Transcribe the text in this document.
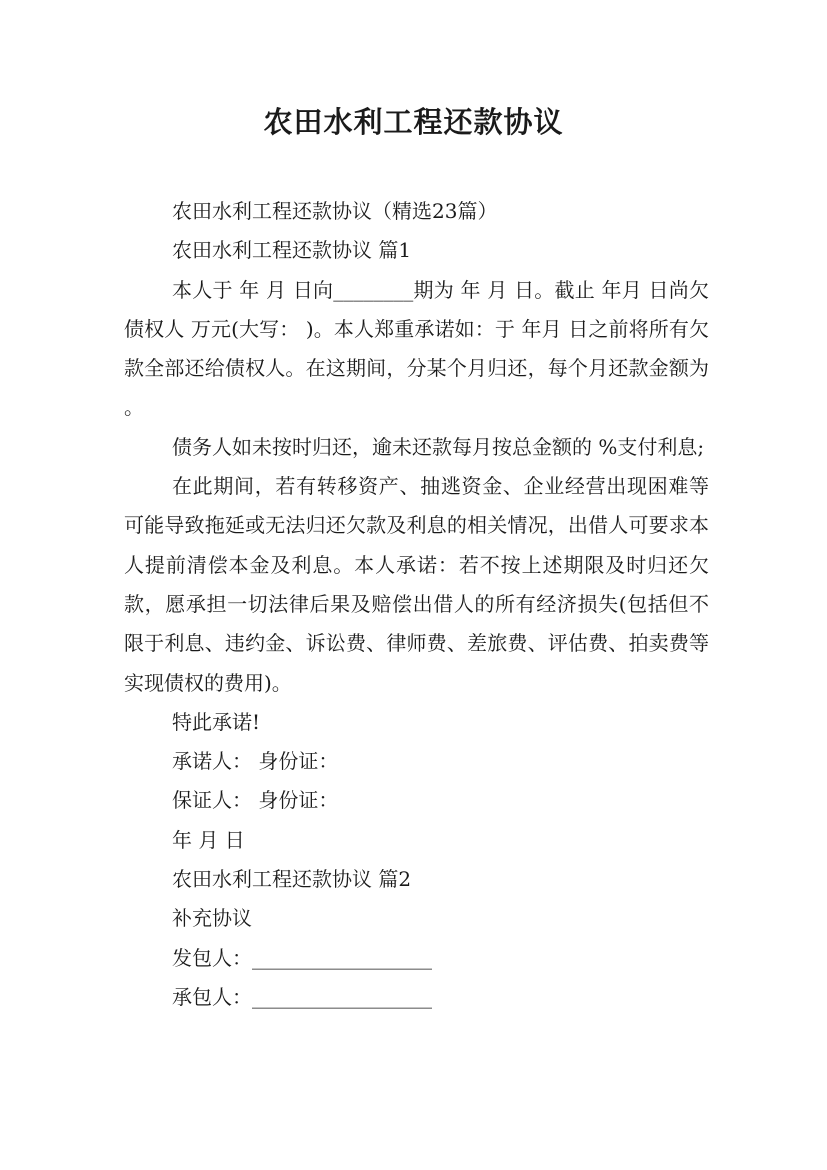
农田水利工程还款协议

农田水利工程还款协议（精选23篇）

农田水利工程还款协议 篇1

本人于 年 月 日向________期为 年 月 日。截止 年月 日尚欠债权人 万元(大写： )。本人郑重承诺如：于 年月 日之前将所有欠款全部还给债权人。在这期间，分某个月归还，每个月还款金额为 。

债务人如未按时归还，逾未还款每月按总金额的 %支付利息;

在此期间，若有转移资产、抽逃资金、企业经营出现困难等可能导致拖延或无法归还欠款及利息的相关情况，出借人可要求本人提前清偿本金及利息。本人承诺：若不按上述期限及时归还欠款，愿承担一切法律后果及赔偿出借人的所有经济损失(包括但不限于利息、违约金、诉讼费、律师费、差旅费、评估费、拍卖费等实现债权的费用)。

特此承诺!

承诺人： 身份证：

保证人： 身份证：

年 月 日

农田水利工程还款协议 篇2

补充协议

发包人：__________________

承包人：__________________
